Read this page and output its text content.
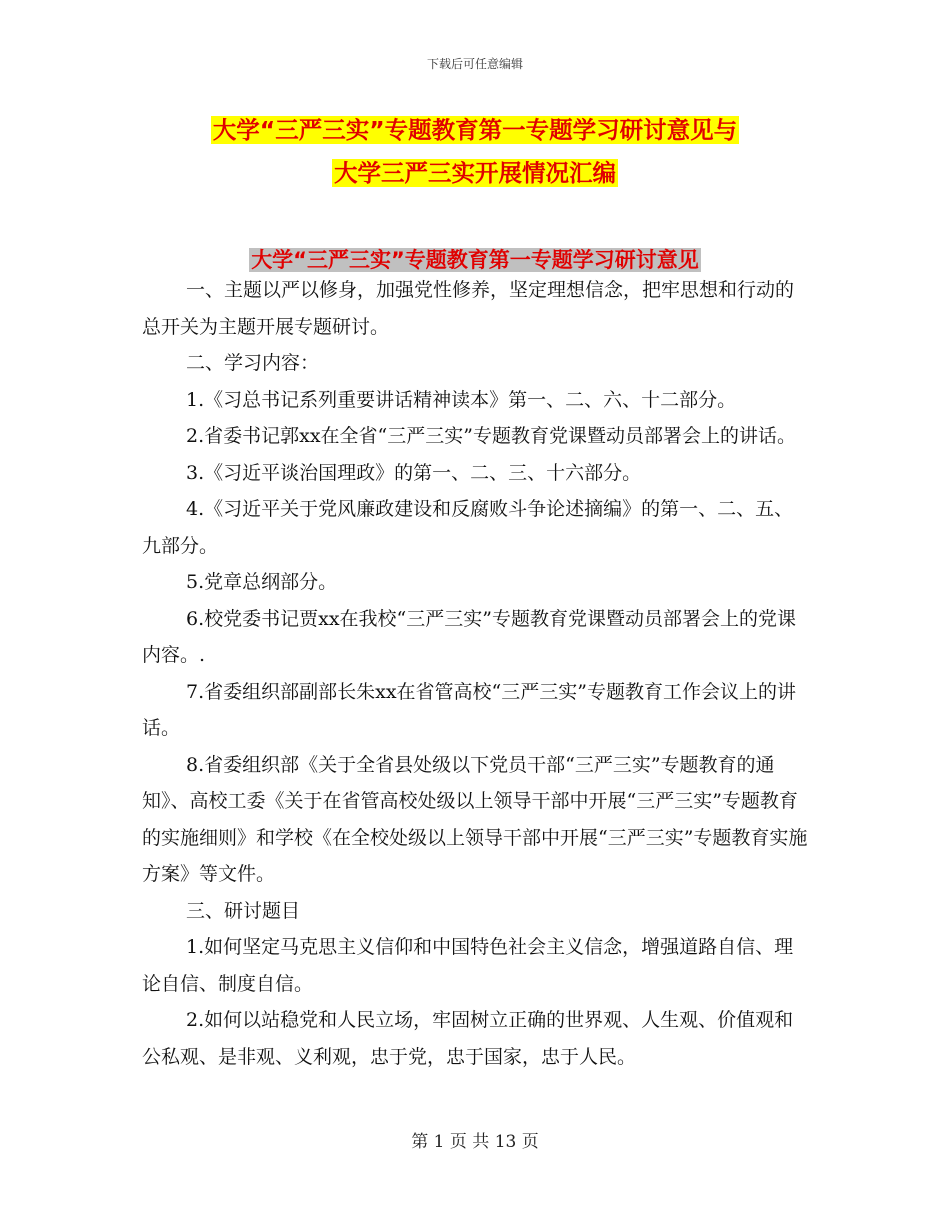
下载后可任意编辑
大学“三严三实”专题教育第一专题学习研讨意见与
大学三严三实开展情况汇编
大学“三严三实”专题教育第一专题学习研讨意见

一、主题以严以修身，加强党性修养，坚定理想信念，把牢思想和行动的总开关为主题开展专题研讨。

二、学习内容：

1.《习总书记系列重要讲话精神读本》第一、二、六、十二部分。

2.省委书记郭xx在全省“三严三实”专题教育党课暨动员部署会上的讲话。

3.《习近平谈治国理政》的第一、二、三、十六部分。

4.《习近平关于党风廉政建设和反腐败斗争论述摘编》的第一、二、五、九部分。

5.党章总纲部分。

6.校党委书记贾xx在我校“三严三实”专题教育党课暨动员部署会上的党课内容。.

7.省委组织部副部长朱xx在省管高校“三严三实”专题教育工作会议上的讲话。

8.省委组织部《关于全省县处级以下党员干部“三严三实”专题教育的通知》、高校工委《关于在省管高校处级以上领导干部中开展“三严三实”专题教育的实施细则》和学校《在全校处级以上领导干部中开展“三严三实”专题教育实施方案》等文件。

三、研讨题目

1.如何坚定马克思主义信仰和中国特色社会主义信念，增强道路自信、理论自信、制度自信。

2.如何以站稳党和人民立场，牢固树立正确的世界观、人生观、价值观和公私观、是非观、义利观，忠于党，忠于国家，忠于人民。

第 1 页 共 13 页
